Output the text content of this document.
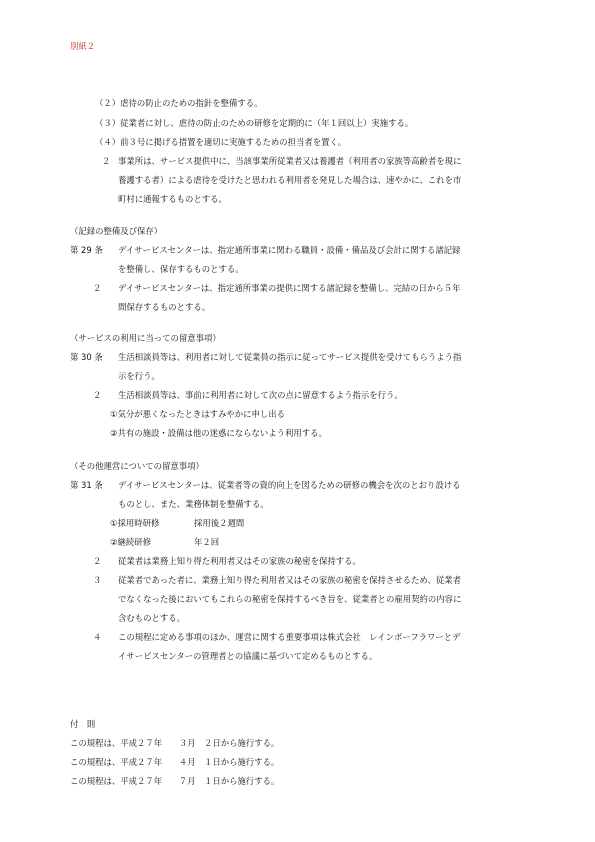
別紙２
（２）虐待の防止のための指針を整備する。
（３）従業者に対し、虐待の防止のための研修を定期的に（年１回以上）実施する。
（４）前３号に掲げる措置を適切に実施するための担当者を置く。
２ 事業所は、サービス提供中に、当該事業所従業者又は養護者（利用者の家族等高齢者を現に
養護する者）による虐待を受けたと思われる利用者を発見した場合は、速やかに、これを市
町村に通報するものとする。
（記録の整備及び保存）
第 29 条 デイサービスセンターは、指定通所事業に関わる職員・設備・備品及び会計に関する諸記録
を整備し、保存するものとする。
２ デイサービスセンターは、指定通所事業の提供に関する諸記録を整備し、完結の日から５年
間保存するものとする。
（サービスの利用に当っての留意事項）
第 30 条 生活相談員等は、利用者に対して従業員の指示に従ってサービス提供を受けてもらうよう指
示を行う。
２ 生活相談員等は、事前に利用者に対して次の点に留意するよう指示を行う。
①気分が悪くなったときはすみやかに申し出る
②共有の施設・設備は他の迷惑にならないよう利用する。
（その他運営についての留意事項）
第 31 条 デイサービスセンターは、従業者等の資的向上を図るための研修の機会を次のとおり設ける
ものとし、また、業務体制を整備する。
①採用時研修	採用後２週間
②継続研修	年２回
２ 従業者は業務上知り得た利用者又はその家族の秘密を保持する。
３ 従業者であった者に、業務上知り得た利用者又はその家族の秘密を保持させるため、従業者
でなくなった後においてもこれらの秘密を保持するべき旨を、従業者との雇用契約の内容に
含むものとする。
４ この規程に定める事項のほか、運営に関する重要事項は株式会社　レインボーフラワーとデ
イサービスセンターの管理者との協議に基づいて定めるものとする。
付　則
この規程は、平成２７年　　３月　２日から施行する。
この規程は、平成２７年　　４月　１日から施行する。
この規程は、平成２７年　　７月　１日から施行する。
